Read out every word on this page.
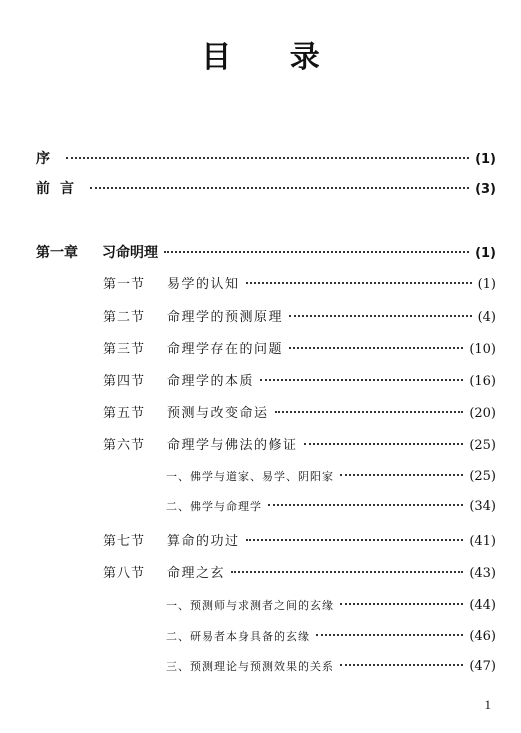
目 录
序	(1)
前言	(3)
第一章	习命明理	(1)
第一节	易学的认知	(1)
第二节	命理学的预测原理	(4)
第三节	命理学存在的问题	(10)
第四节	命理学的本质	(16)
第五节	预测与改变命运	(20)
第六节	命理学与佛法的修证	(25)
一、佛学与道家、易学、阴阳家	(25)
二、佛学与命理学	(34)
第七节	算命的功过	(41)
第八节	命理之玄	(43)
一、预测师与求测者之间的玄缘	(44)
二、研易者本身具备的玄缘	(46)
三、预测理论与预测效果的关系	(47)
1
